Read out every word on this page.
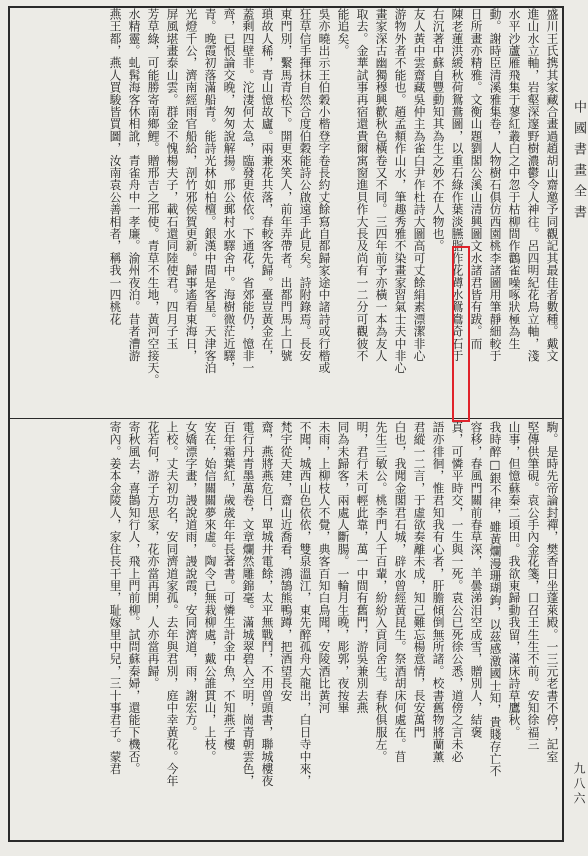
中國書畫全書
九八六

盛川王氏携其家藏合畫過趙胡山齋邀予同觀記其最佳者數種。戴文

進山水立軸，岩壑深邃野樹濃鬱令人神往。呂四明紀花鳥立軸，淺

水平沙蘆雁飛集于蓼紅叢白之中忽于枯柳間作鸛雀噪啄狀極為生

動。謝時臣清溪雅集卷，人物樹石俱仿西園桃李諸圖用筆靜細較于

日所畫亦精雅。文衡山題劉閣公溪山清興圖文水諸君皆有跋。而

陳老蓮洪緩秋荷鴛鴦圖，以重石綠作葉淡臙脂作花蹲水鴛鴦奇石于

右沉著中蘇自豐動知其為生之妙不在人物也。

友人黃中雲齋藏吳仲主為雀白尹作杜詩大圖高可丈餘絹素漂潔非心

游物外者不能也。趙孟頫作山水，筆趣秀雅不染畫家習氣士夫中非心

畫家深古幽獨穆興歡秋色橫卷又不同。三四年前予亦橫一本為友人

取去。金華試事再宿還貴爾寓窗進貝作大長及尚有一二分可觀彼不

能追矣。

吳亦曉出示王伯穀小楷登字卷長約丈餘寫自都歸家途中諸詩或行楷或

狂草信手揮抹自然合度伯穀能詩公啟遠手此見矣。詩附錄焉。長安

東門別，繫馬青松下。開更來笑人，前年弄帶者。出都門馬上口號

瑣故人稀，青山憶故廬。兩兼花共落，春較客先歸。臺豈黃金在，

蓋剩四壁非。沱淒何太急，臨發更依依。下通花，省郊能仍，憶非一

齊，已恨論交晚，匆匆說解揚。邢公郵村水驛舍中。海樹微茫近驛，

青。晚霞初落滿船青。能詩光林如柏檀。銀漢中間是客星。天津客泊

光燈千公，濟南經雨官船給，剖竹邪侯賀更新。歸事遙看東海日，

屏風堪畫泰山雲。群金不愧楊夫子，載石還同陸使君。四月子玉

芳草綠，可能勝寄南鄉鯉。贈邢吉之邢使。青草不生地，黃河空接天。

水精靈。虬髯海客休相訛，青雀舟中一孝廉。渝州夜泊。昔者漕游

燕王都，燕人買駿皆買圖，汝南袁公善相者，稱我一四桃花

駒。是時先帝論封禪，樊香日坐蓬萊殿。一三元老書不停，記室

堅傳供筆硯。袁公手內金花箋，口召王生生不前。安知徐福三

山事，但憶蘇秦二頃田。我欲東歸動我留，滿床詩草鷹秋。

我時醉□銀不律，雖黃爛漫珊瑚鉤，以茲感激國士知，貴賤存亡不

容移，春風門關前春草深，羊曇涕泪空成雪，贈別人，結褒

真，可憐平時交，一生與一死。袁公已死徐公悉，道傍之言未必

語亦徘徊，惟君知我有心者，肝膽傾倒無所諸。校書舊物將蘭薰

君縱一二言，于虛欲奏離未成，知己難忘楊意情，長安萬門

白也，我聞金閣君石城，辟水曾經黃昆生。祭酒胡床何處在。苜

先生三敏公。桃李門人千百輩，紛紛入貢同舍生。春秋俱服左。

明，君行未可輕此靠，萬一中間有舊門，游吳兼別去燕

同為未歸客，兩處人斷腸。一輪月生晚，彫郭，夜按畢

未雨，上柳枝人不覺，典客百知白鳥聞，安陵酒比黃河

不聞，城西山色依依，雙泉溫江，東先醉孤舟大龍出，白日寺中來，

梵宇從天建，齋山近喬看，鴻鵠熊鴨蹲，把酒望長安

齋，燕將燕危日，單城井電餘，太平無戰鬥，不用曾頭書，聯城樓夜

電行丹青墨萬卷，文章爛然雕錦毫。滿城翠碧入空明，崗青朝雲色，

百年霜葉紅，歲歲年年長著書。可憐生計金中魚，不知燕子樓

安在，始信關關夢來虛。陶令已無栽柳處，戴公誰貫山，上枝。

女嬌漂字畫，謾說道雨，謾說霞，安同濟道，雨，謝宏方。

上校。丈夫初功名，安同濟道家孤。去年與君別，庭中幸黃花。今年

花若何，游子方思家，花亦當再開，人亦當再歸。

寄秋風去，喜鵲知行人，飛上門前柳。試問蘇秦婦，還能下機否。

寄內。姜本金陵人，家住長干里，耻嫁里中兒，三十事君子。蒙君
